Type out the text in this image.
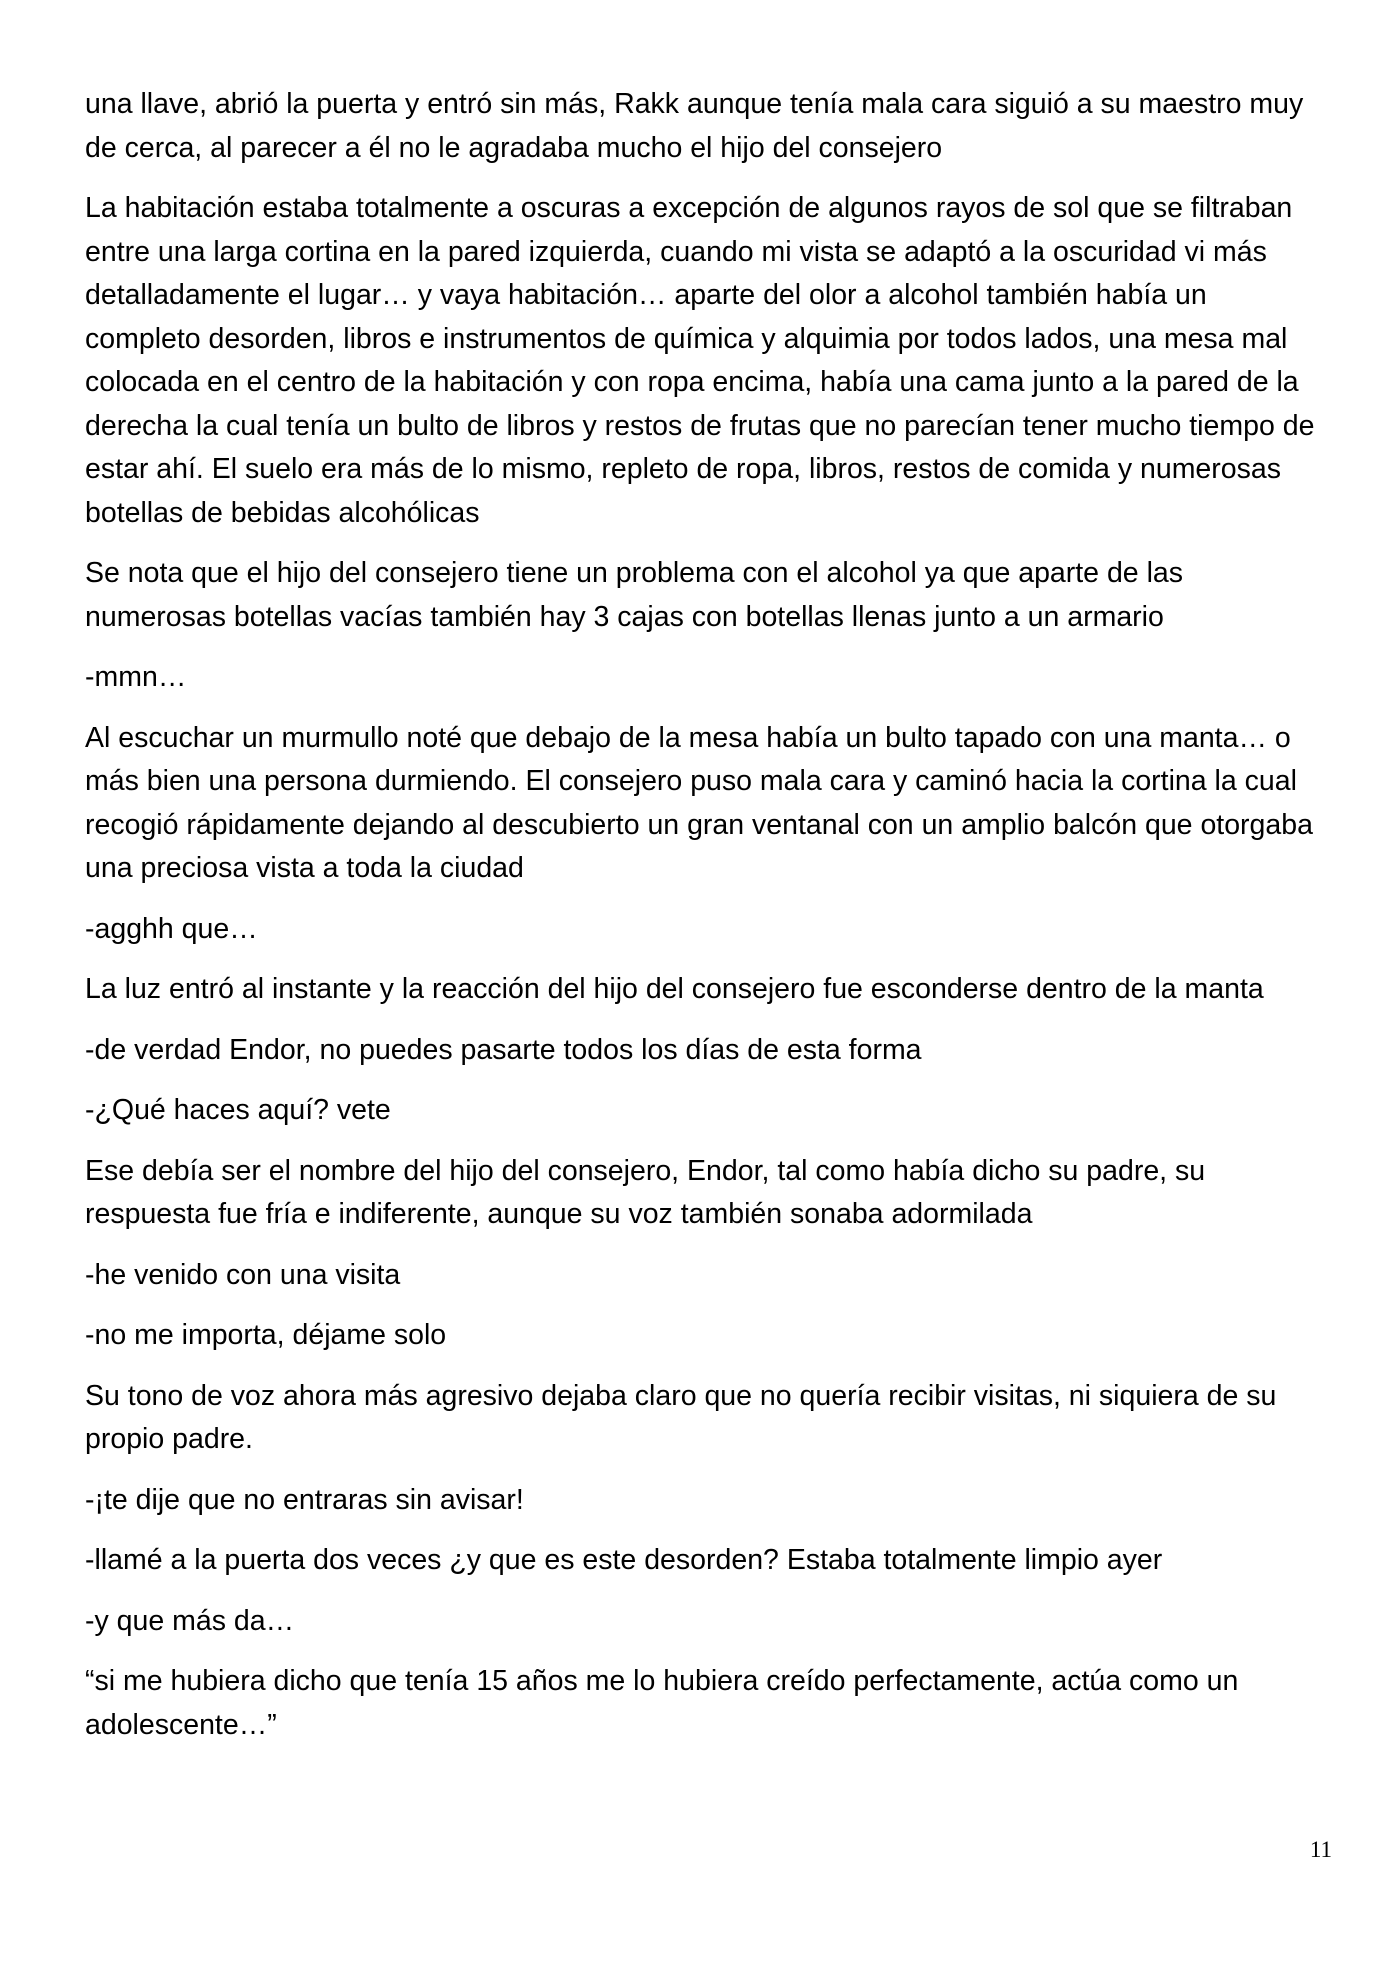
una llave, abrió la puerta y entró sin más, Rakk aunque tenía mala cara siguió a su maestro muy de cerca, al parecer a él no le agradaba mucho el hijo del consejero

La habitación estaba totalmente a oscuras a excepción de algunos rayos de sol que se filtraban entre una larga cortina en la pared izquierda, cuando mi vista se adaptó a la oscuridad vi más detalladamente el lugar… y vaya habitación… aparte del olor a alcohol también había un completo desorden, libros e instrumentos de química y alquimia por todos lados, una mesa mal colocada en el centro de la habitación y con ropa encima, había una cama junto a la pared de la derecha la cual tenía un bulto de libros y restos de frutas que no parecían tener mucho tiempo de estar ahí. El suelo era más de lo mismo, repleto de ropa, libros, restos de comida y numerosas botellas de bebidas alcohólicas

Se nota que el hijo del consejero tiene un problema con el alcohol ya que aparte de las numerosas botellas vacías también hay 3 cajas con botellas llenas junto a un armario

-mmn…

Al escuchar un murmullo noté que debajo de la mesa había un bulto tapado con una manta… o más bien una persona durmiendo. El consejero puso mala cara y caminó hacia la cortina la cual recogió rápidamente dejando al descubierto un gran ventanal con un amplio balcón que otorgaba una preciosa vista a toda la ciudad

-agghh que…

La luz entró al instante y la reacción del hijo del consejero fue esconderse dentro de la manta

-de verdad Endor, no puedes pasarte todos los días de esta forma

-¿Qué haces aquí? vete

Ese debía ser el nombre del hijo del consejero, Endor, tal como había dicho su padre, su respuesta fue fría e indiferente, aunque su voz también sonaba adormilada

-he venido con una visita

-no me importa, déjame solo

Su tono de voz ahora más agresivo dejaba claro que no quería recibir visitas, ni siquiera de su propio padre.

-¡te dije que no entraras sin avisar!

-llamé a la puerta dos veces ¿y que es este desorden? Estaba totalmente limpio ayer

-y que más da…

“si me hubiera dicho que tenía 15 años me lo hubiera creído perfectamente, actúa como un adolescente…”

11
